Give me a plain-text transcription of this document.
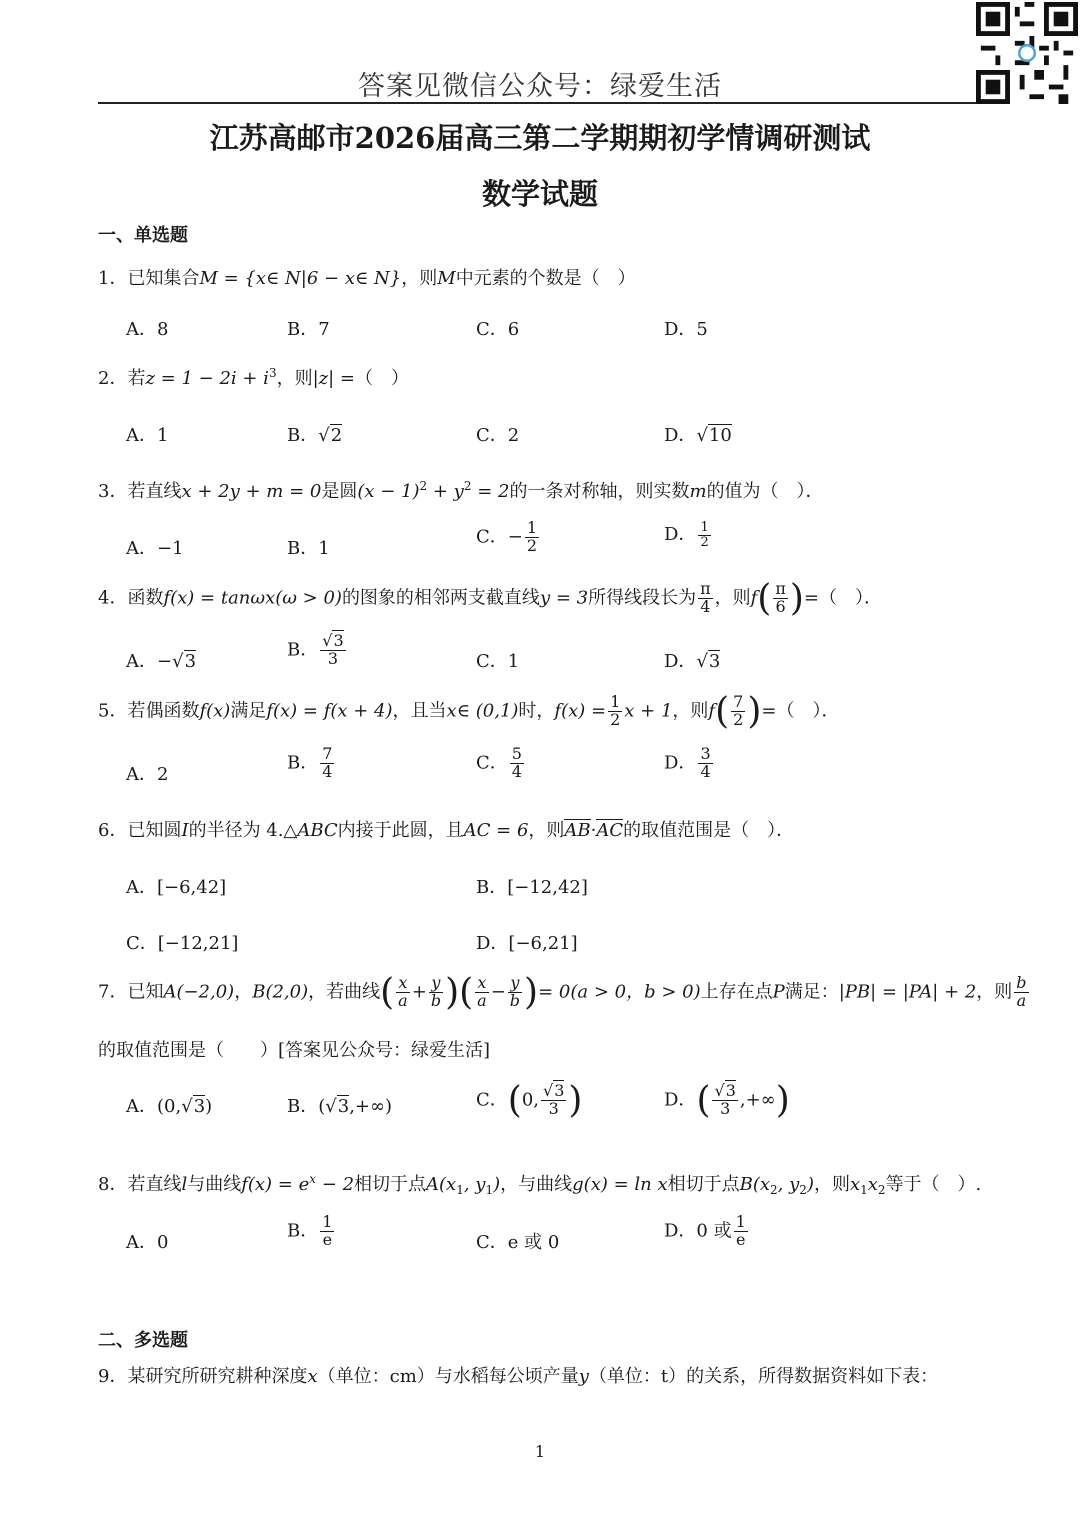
答案见微信公众号：绿爱生活
江苏高邮市2026届高三第二学期期初学情调研测试
数学试题
一、单选题
1．已知集合M = {x∈ N|6 − x∈ N}，则M中元素的个数是（　）
A．8	B．7	C．6	D．5
2．若$z = 1 - 2i + i^3$，则|z| =（　）
A．1	B．√2	C．2	D．√10
3．若直线x + 2y + m = 0是圆$(x - 1)^2 + y^2 = 2$的一条对称轴，则实数m的值为（　）．
A．−1	B．1
C．− $\frac{1}{2}$	D． $\frac{1}{2}$
4．函数f(x) = tanωx(ω > 0)的图象的相邻两支截直线y = 3所得线段长为 $\frac{\pi}{4}$ ，则$f( \frac{\pi}{6}$ )=（　）．
A．−√3
B． $\frac{√3}{3}$	C．1	D．√3
5．若偶函数f(x)满足f(x) = f(x + 4)，且当x∈ (0,1)时，$f(x) = \frac{1}{2}$ x + 1，则$f( \frac{7}{2}$ )=（　）．
A．2
B． $\frac{7}{4}$	C． $\frac{5}{4}$	D． $\frac{3}{4}$
6．已知圆I的半径为 4.△ABC内接于此圆，且AC = 6，则AB·AC的取值范围是（　）．
A．[−6,42]	B．[−12,42]
C．[−12,21]	D．[−6,21]
7．已知A(−2,0)，B(2,0)，若曲线( $\frac{x}{a} + \frac{y}{b}$ )( $\frac{x}{a} - \frac{y}{b}$ )= 0(a > 0，b > 0)上存在点P满足：|PB| = |PA| + 2，则 $\frac{b}{a}$
的取值范围是（　　）[答案见公众号：绿爱生活]
A．(0,√3)	B．(√3,+∞)	C．(0, $\frac{√3}{3}$ )	D．( $\frac{√3}{3}$ ,+∞)
8．若直线l与曲线$f(x) = e^x - 2$相切于点$A(x_1$, $y_1$)，与曲线g(x) = ln x相切于点$B(x_2$, $y_2$)，则$x_1x_2$等于（　）.
A．0
B． $\frac{1}{e}$	C．e 或 0
D．0 或 $\frac{1}{e}$
二、多选题
9．某研究所研究耕种深度x（单位：cm）与水稻每公顷产量y（单位：t）的关系，所得数据资料如下表：
1
